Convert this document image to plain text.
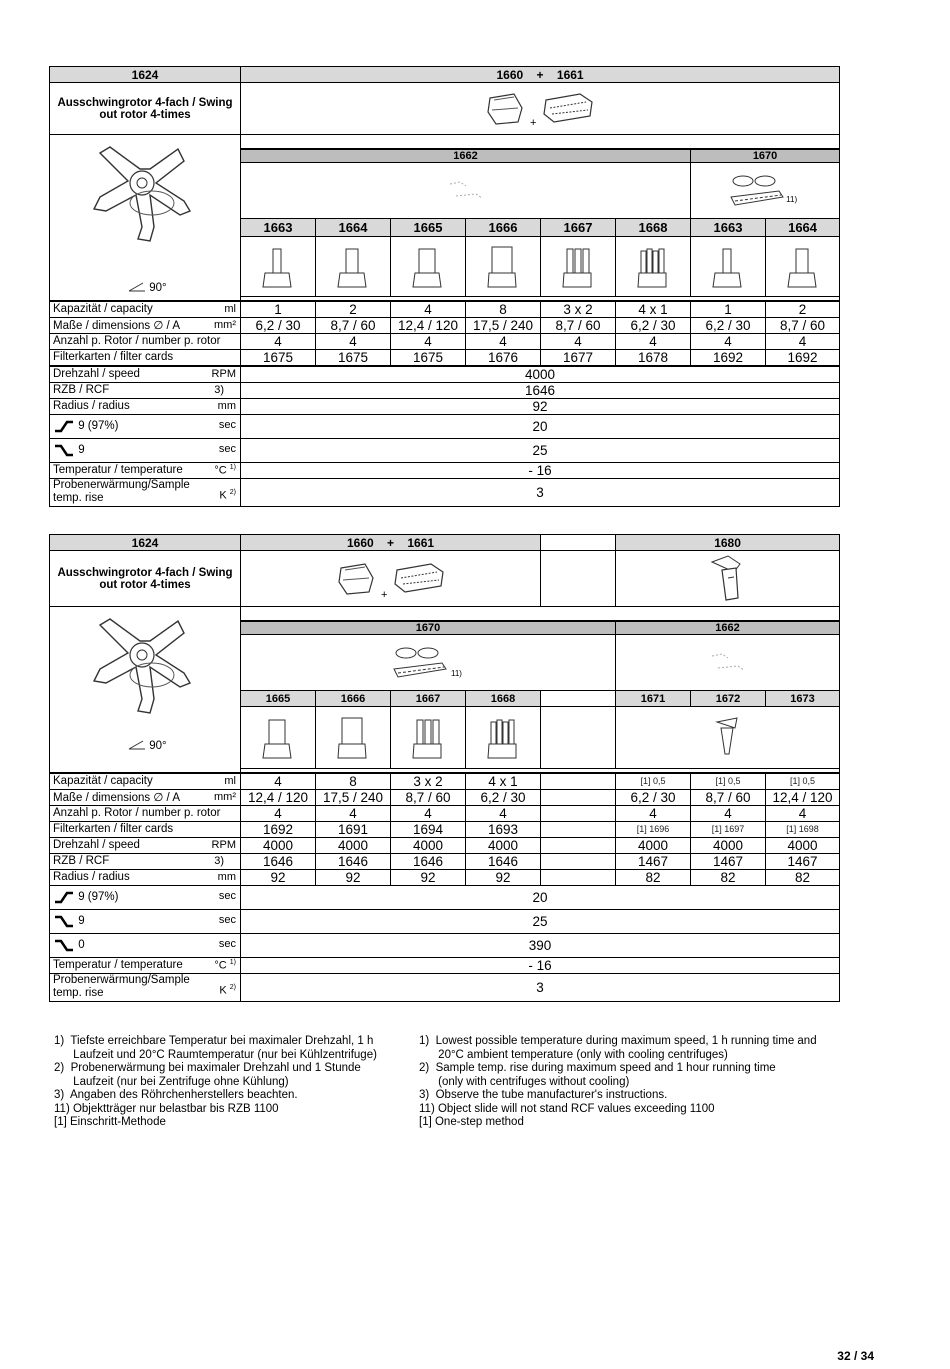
1624	1660 + 1661							
Ausschwingrotor 4-fach / Swing out rotor 4-times	+							

90°								

	1662						1670	

11)	

	1663	1664	1665	1666	1667	1668	1663	1664

Kapazität / capacity ml	1	2	4	8	3 x 2	4 x 1	1	2
Maße / dimensions ∅ / A mm²	6,2 / 30	8,7 / 60	12,4 / 120	17,5 / 240	8,7 / 60	6,2 / 30	6,2 / 30	8,7 / 60
Anzahl p. Rotor / number p. rotor	4	4	4	4	4	4	4	4
Filterkarten / filter cards	1675	1675	1675	1676	1677	1678	1692	1692
Drehzahl / speed RPM	4000							
RZB / RCF 3)	1646							
Radius / radius mm	92							
9 (97%) sec	20							
9 sec	25							
Temperatur / temperature °C $^{1)}$	- 16							
Probenerwärmung/Sample temp. rise K $^{2)}$	3							
1624	1660 + 1661					1680		
Ausschwingrotor 4-fach / Swing out rotor 4-times	+

90°								

	1670					1662		

	11)

	1665	1666	1667	1668		1671	1672	1673

Kapazität / capacity ml	4	8	3 x 2	4 x 1		[1] 0,5	[1] 0,5	[1] 0,5
Maße / dimensions ∅ / A mm²	12,4 / 120	17,5 / 240	8,7 / 60	6,2 / 30		6,2 / 30	8,7 / 60	12,4 / 120
Anzahl p. Rotor / number p. rotor	4	4	4	4		4	4	4
Filterkarten / filter cards	1692	1691	1694	1693		[1] 1696	[1] 1697	[1] 1698
Drehzahl / speed RPM	4000	4000	4000	4000		4000	4000	4000
RZB / RCF 3)	1646	1646	1646	1646		1467	1467	1467
Radius / radius mm	92	92	92	92		82	82	82
9 (97%) sec	20							
9 sec	25							
0 sec	390							
Temperatur / temperature °C $^{1)}$	- 16							
Probenerwärmung/Sample temp. rise K $^{2)}$	3							
1)  Tiefste erreichbare Temperatur bei maximaler Drehzahl, 1 h
Laufzeit und 20°C Raumtemperatur (nur bei Kühlzentrifuge)
2)  Probenerwärmung bei maximaler Drehzahl und 1 Stunde
Laufzeit (nur bei Zentrifuge ohne Kühlung)
3)  Angaben des Röhrchenherstellers beachten.
11) Objektträger nur belastbar bis RZB 1100
[1] Einschritt-Methode
1)  Lowest possible temperature during maximum speed, 1 h running time and
20°C ambient temperature (only with cooling centrifuges)
2)  Sample temp. rise during maximum speed and 1 hour running time
(only with centrifuges without cooling)
3)  Observe the tube manufacturer's instructions.
11) Object slide will not stand RCF values exceeding 1100
[1] One-step method
32 / 34
